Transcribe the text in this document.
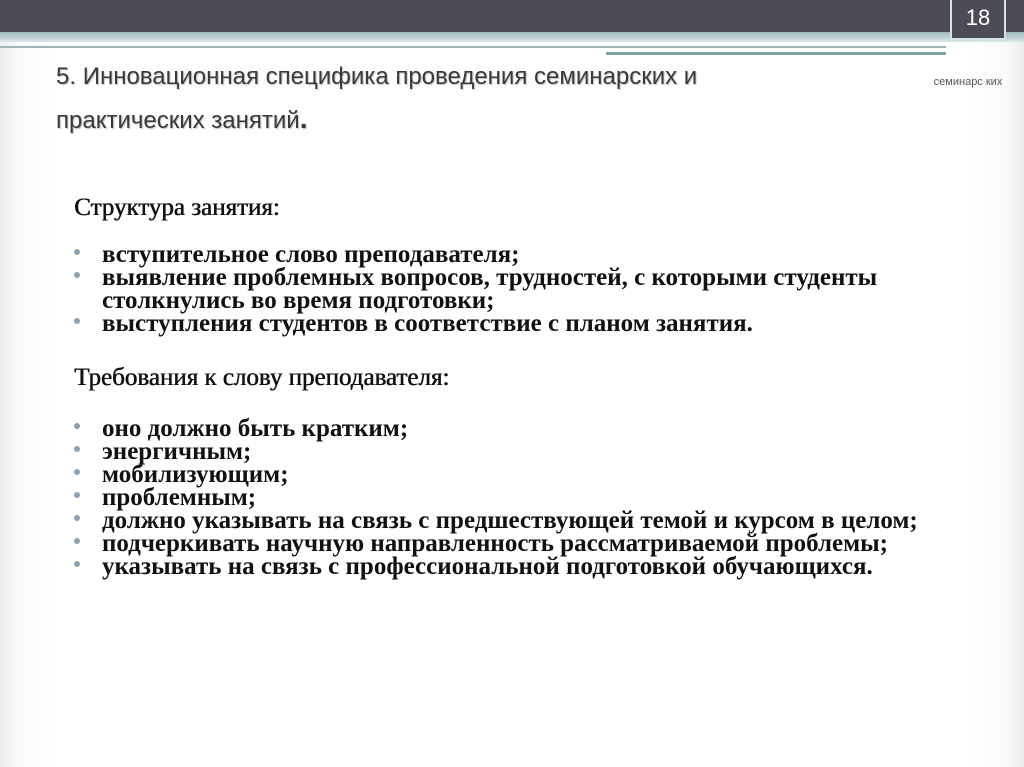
18
5. Инновационная специфика проведения семинарских и
практических занятий.
семинарс ких

Структура занятия:

вступительное слово преподавателя;
выявление проблемных вопросов, трудностей, с которыми студенты столкнулись во время подготовки;
выступления студентов в соответствие с планом занятия.

Требования к слову преподавателя:

оно должно быть кратким;
энергичным;
мобилизующим;
проблемным;
должно указывать на связь с предшествующей темой и курсом в целом;
подчеркивать научную направленность рассматриваемой проблемы;
указывать на связь с профессиональной подготовкой обучающихся.
